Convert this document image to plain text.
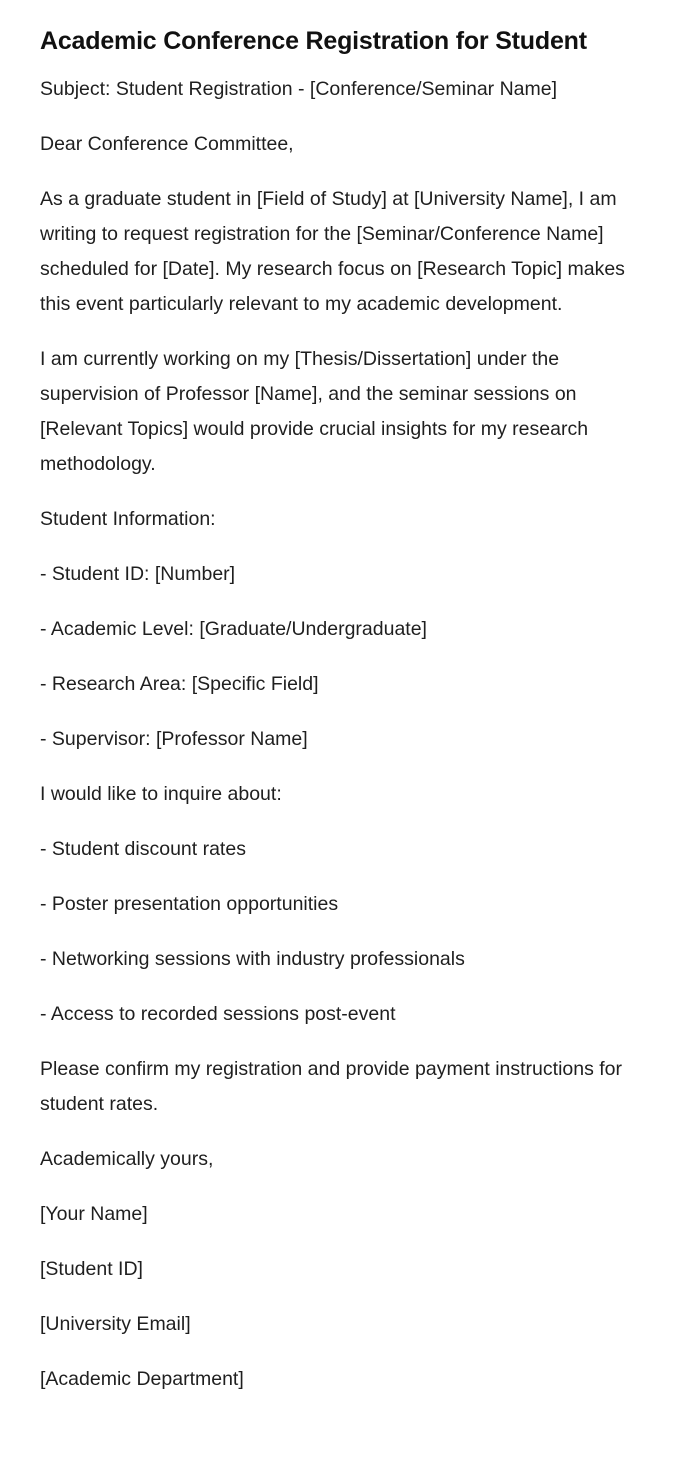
Academic Conference Registration for Student

Subject: Student Registration - [Conference/Seminar Name]

Dear Conference Committee,

As a graduate student in [Field of Study] at [University Name], I am writing to request registration for the [Seminar/Conference Name] scheduled for [Date]. My research focus on [Research Topic] makes this event particularly relevant to my academic development.

I am currently working on my [Thesis/Dissertation] under the supervision of Professor [Name], and the seminar sessions on [Relevant Topics] would provide crucial insights for my research methodology.

Student Information:

- Student ID: [Number]

- Academic Level: [Graduate/Undergraduate]

- Research Area: [Specific Field]

- Supervisor: [Professor Name]

I would like to inquire about:

- Student discount rates

- Poster presentation opportunities

- Networking sessions with industry professionals

- Access to recorded sessions post-event

Please confirm my registration and provide payment instructions for student rates.

Academically yours,

[Your Name]

[Student ID]

[University Email]

[Academic Department]
